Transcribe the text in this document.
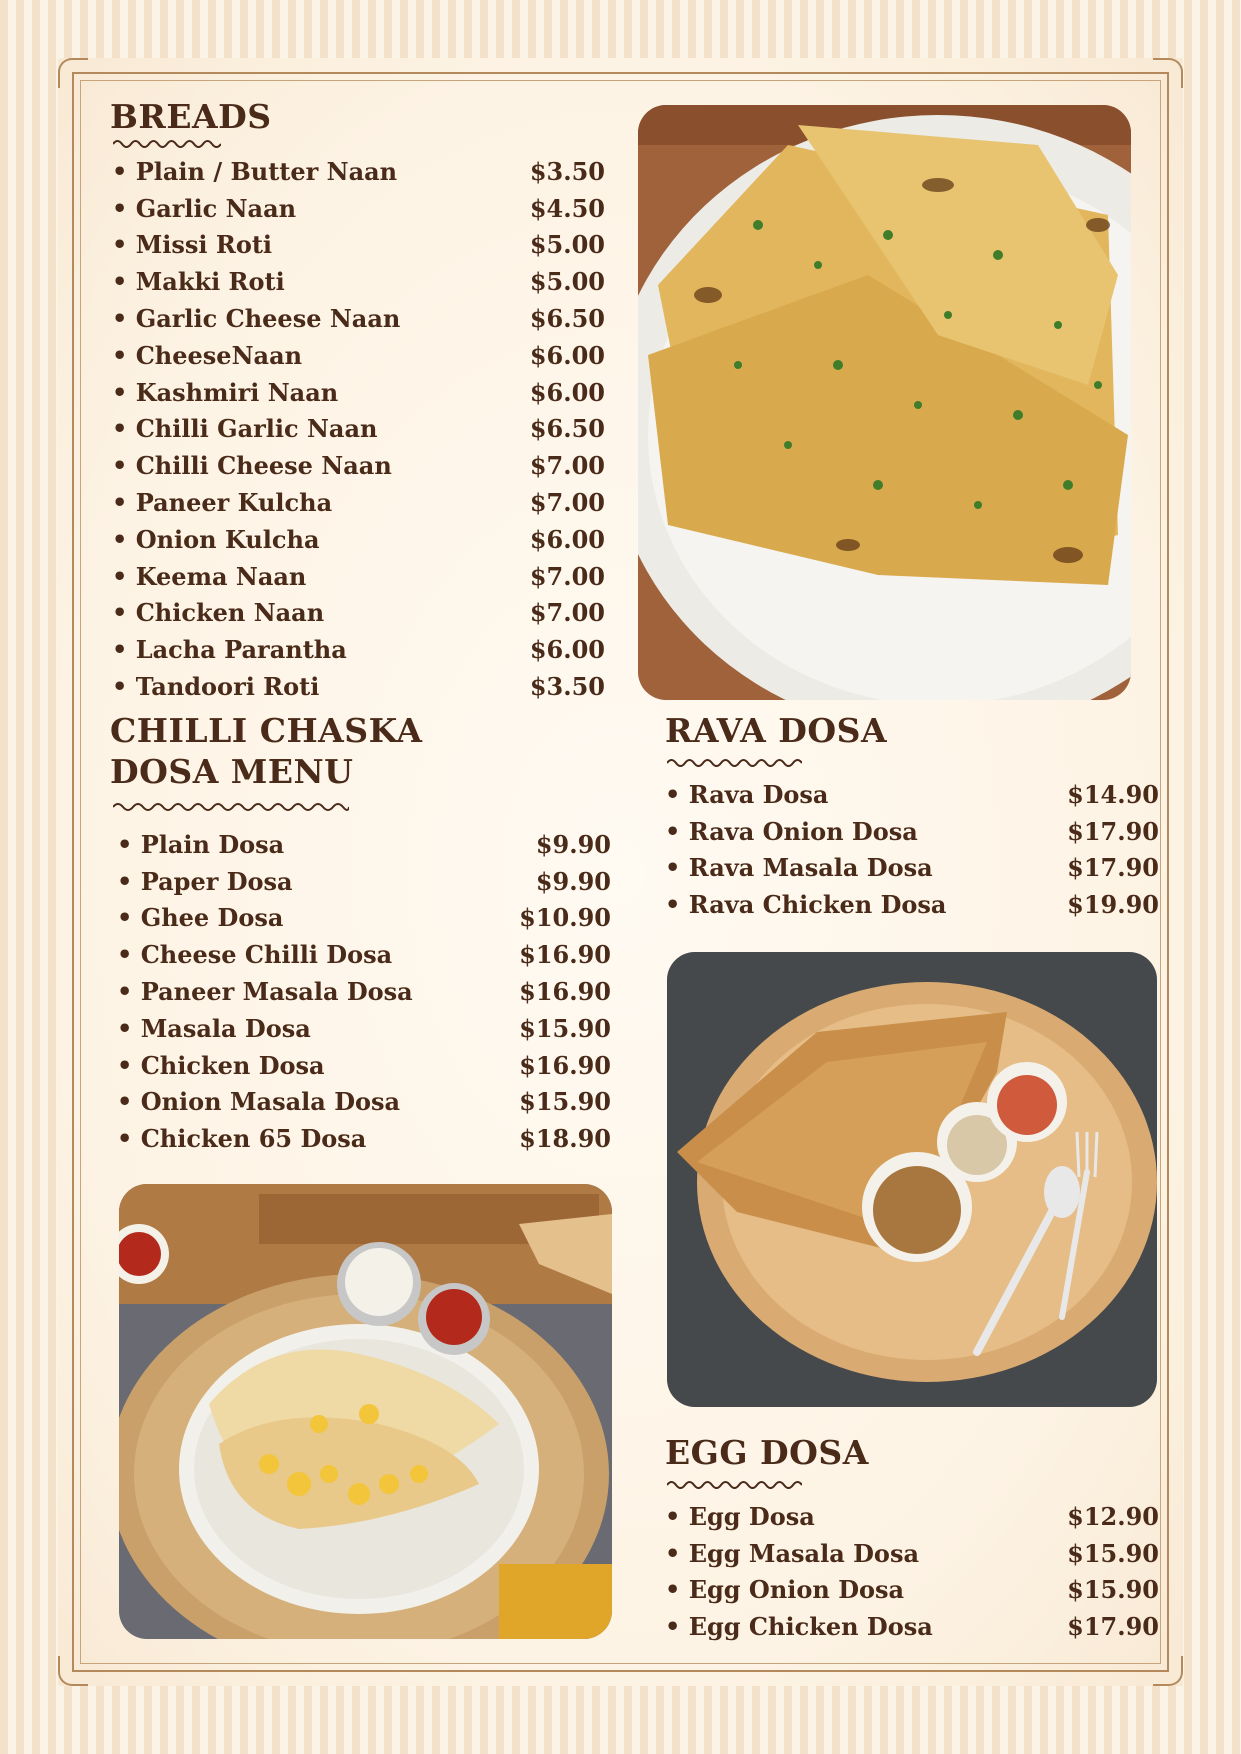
BREADS
• Plain / Butter Naan	$3.50
• Garlic Naan	$4.50
• Missi Roti	$5.00
• Makki Roti	$5.00
• Garlic Cheese Naan	$6.50
• CheeseNaan	$6.00
• Kashmiri Naan	$6.00
• Chilli Garlic Naan	$6.50
• Chilli Cheese Naan	$7.00
• Paneer Kulcha	$7.00
• Onion Kulcha	$6.00
• Keema Naan	$7.00
• Chicken Naan	$7.00
• Lacha Parantha	$6.00
• Tandoori Roti	$3.50
CHILLI CHASKA
DOSA MENU
• Plain Dosa	$9.90
• Paper Dosa	$9.90
• Ghee Dosa	$10.90
• Cheese Chilli Dosa	$16.90
• Paneer Masala Dosa	$16.90
• Masala Dosa	$15.90
• Chicken Dosa	$16.90
• Onion Masala Dosa	$15.90
• Chicken 65 Dosa	$18.90
RAVA DOSA
• Rava Dosa	$14.90
• Rava Onion Dosa	$17.90
• Rava Masala Dosa	$17.90
• Rava Chicken Dosa	$19.90
EGG DOSA
• Egg Dosa	$12.90
• Egg Masala Dosa	$15.90
• Egg Onion Dosa	$15.90
• Egg Chicken Dosa	$17.90
